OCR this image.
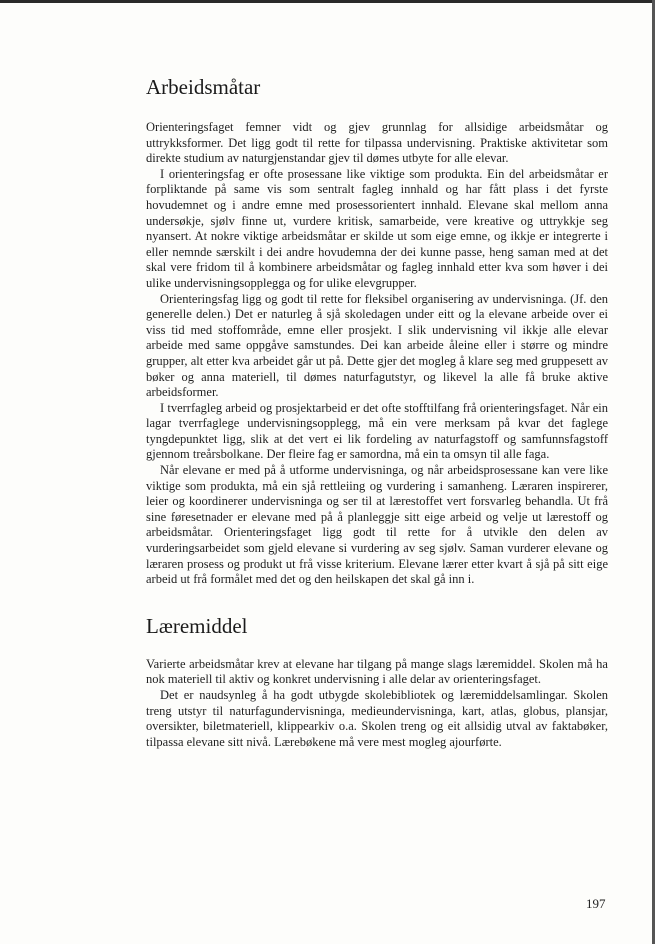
Arbeidsmåtar

Orienteringsfaget femner vidt og gjev grunnlag for allsidige arbeidsmåtar og uttrykksformer. Det ligg godt til rette for tilpassa undervisning. Praktiske aktivitetar som direkte studium av naturgjenstandar gjev til dømes utbyte for alle elevar.

I orienteringsfag er ofte prosessane like viktige som produkta. Ein del arbeidsmåtar er forpliktande på same vis som sentralt fagleg innhald og har fått plass i det fyrste hovudemnet og i andre emne med prosessorientert innhald. Elevane skal mellom anna undersøkje, sjølv finne ut, vurdere kritisk, samarbeide, vere kreative og uttrykkje seg nyansert. At nokre viktige arbeidsmåtar er skilde ut som eige emne, og ikkje er integrerte i eller nemnde særskilt i dei andre hovudemna der dei kunne passe, heng saman med at det skal vere fridom til å kombinere arbeidsmåtar og fagleg innhald etter kva som høver i dei ulike undervisningsopplegga og for ulike elevgrupper.

Orienteringsfag ligg og godt til rette for fleksibel organisering av undervisninga. (Jf. den generelle delen.) Det er naturleg å sjå skoledagen under eitt og la elevane arbeide over ei viss tid med stoffområde, emne eller prosjekt. I slik undervisning vil ikkje alle elevar arbeide med same oppgåve samstundes. Dei kan arbeide åleine eller i større og mindre grupper, alt etter kva arbeidet går ut på. Dette gjer det mogleg å klare seg med gruppesett av bøker og anna materiell, til dømes naturfagutstyr, og likevel la alle få bruke aktive arbeidsformer.

I tverrfagleg arbeid og prosjektarbeid er det ofte stofftilfang frå orienteringsfaget. Når ein lagar tverrfaglege undervisningsopplegg, må ein vere merksam på kvar det faglege tyngdepunktet ligg, slik at det vert ei lik fordeling av naturfagstoff og samfunnsfagstoff gjennom treårsbolkane. Der fleire fag er samordna, må ein ta omsyn til alle faga.

Når elevane er med på å utforme undervisninga, og når arbeidsprosessane kan vere like viktige som produkta, må ein sjå rettleiing og vurdering i samanheng. Læraren inspirerer, leier og koordinerer undervisninga og ser til at lærestoffet vert forsvarleg behandla. Ut frå sine føresetnader er elevane med på å planleggje sitt eige arbeid og velje ut lærestoff og arbeidsmåtar. Orienteringsfaget ligg godt til rette for å utvikle den delen av vurderingsarbeidet som gjeld elevane si vurdering av seg sjølv. Saman vurderer elevane og læraren prosess og produkt ut frå visse kriterium. Elevane lærer etter kvart å sjå på sitt eige arbeid ut frå formålet med det og den heilskapen det skal gå inn i.

Læremiddel

Varierte arbeidsmåtar krev at elevane har tilgang på mange slags læremiddel. Skolen må ha nok materiell til aktiv og konkret undervisning i alle delar av orienteringsfaget.

Det er naudsynleg å ha godt utbygde skolebibliotek og læremiddelsamlingar. Skolen treng utstyr til naturfagundervisninga, medieundervisninga, kart, atlas, globus, plansjar, oversikter, biletmateriell, klippearkiv o.a. Skolen treng og eit allsidig utval av faktabøker, tilpassa elevane sitt nivå. Lærebøkene må vere mest mogleg ajourførte.

197
